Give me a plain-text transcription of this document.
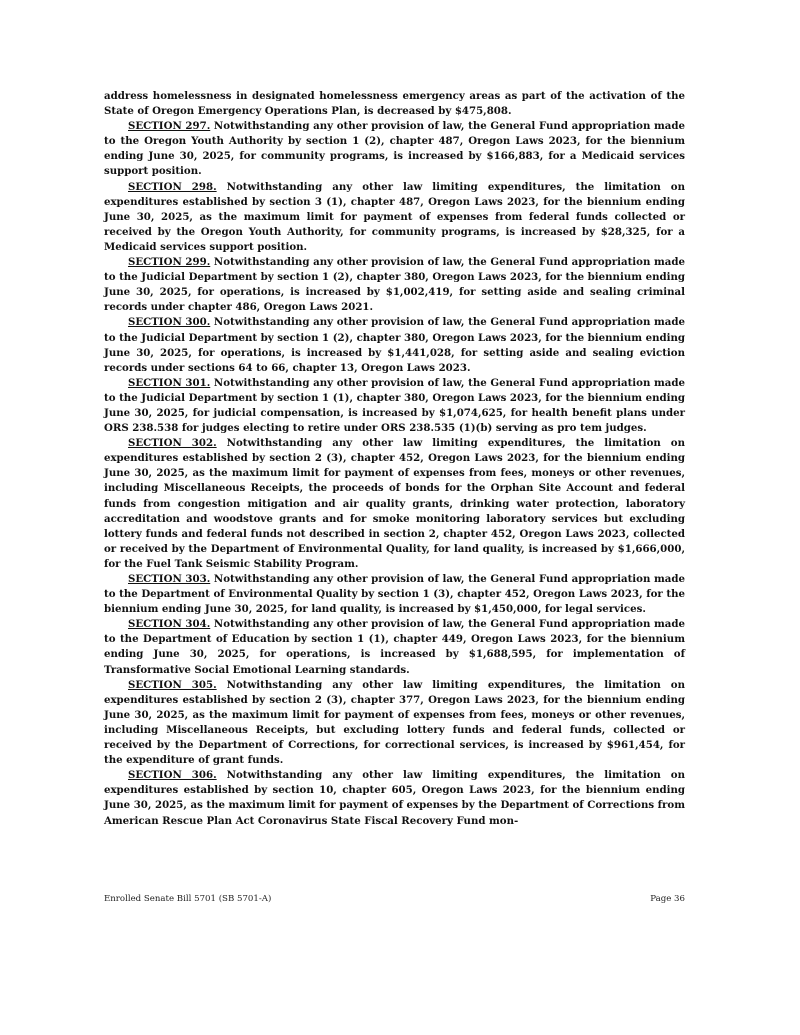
address homelessness in designated homelessness emergency areas as part of the activation of the State of Oregon Emergency Operations Plan, is decreased by $475,808.

SECTION 297. Notwithstanding any other provision of law, the General Fund appropriation made to the Oregon Youth Authority by section 1 (2), chapter 487, Oregon Laws 2023, for the biennium ending June 30, 2025, for community programs, is increased by $166,883, for a Medicaid services support position.

SECTION 298. Notwithstanding any other law limiting expenditures, the limitation on expenditures established by section 3 (1), chapter 487, Oregon Laws 2023, for the biennium ending June 30, 2025, as the maximum limit for payment of expenses from federal funds collected or received by the Oregon Youth Authority, for community programs, is increased by $28,325, for a Medicaid services support position.

SECTION 299. Notwithstanding any other provision of law, the General Fund appropriation made to the Judicial Department by section 1 (2), chapter 380, Oregon Laws 2023, for the biennium ending June 30, 2025, for operations, is increased by $1,002,419, for setting aside and sealing criminal records under chapter 486, Oregon Laws 2021.

SECTION 300. Notwithstanding any other provision of law, the General Fund appropriation made to the Judicial Department by section 1 (2), chapter 380, Oregon Laws 2023, for the biennium ending June 30, 2025, for operations, is increased by $1,441,028, for setting aside and sealing eviction records under sections 64 to 66, chapter 13, Oregon Laws 2023.

SECTION 301. Notwithstanding any other provision of law, the General Fund appropriation made to the Judicial Department by section 1 (1), chapter 380, Oregon Laws 2023, for the biennium ending June 30, 2025, for judicial compensation, is increased by $1,074,625, for health benefit plans under ORS 238.538 for judges electing to retire under ORS 238.535 (1)(b) serving as pro tem judges.

SECTION 302. Notwithstanding any other law limiting expenditures, the limitation on expenditures established by section 2 (3), chapter 452, Oregon Laws 2023, for the biennium ending June 30, 2025, as the maximum limit for payment of expenses from fees, moneys or other revenues, including Miscellaneous Receipts, the proceeds of bonds for the Orphan Site Account and federal funds from congestion mitigation and air quality grants, drinking water protection, laboratory accreditation and woodstove grants and for smoke monitoring laboratory services but excluding lottery funds and federal funds not described in section 2, chapter 452, Oregon Laws 2023, collected or received by the Department of Environmental Quality, for land quality, is increased by $1,666,000, for the Fuel Tank Seismic Stability Program.

SECTION 303. Notwithstanding any other provision of law, the General Fund appropriation made to the Department of Environmental Quality by section 1 (3), chapter 452, Oregon Laws 2023, for the biennium ending June 30, 2025, for land quality, is increased by $1,450,000, for legal services.

SECTION 304. Notwithstanding any other provision of law, the General Fund appropriation made to the Department of Education by section 1 (1), chapter 449, Oregon Laws 2023, for the biennium ending June 30, 2025, for operations, is increased by $1,688,595, for implementation of Transformative Social Emotional Learning standards.

SECTION 305. Notwithstanding any other law limiting expenditures, the limitation on expenditures established by section 2 (3), chapter 377, Oregon Laws 2023, for the biennium ending June 30, 2025, as the maximum limit for payment of expenses from fees, moneys or other revenues, including Miscellaneous Receipts, but excluding lottery funds and federal funds, collected or received by the Department of Corrections, for correctional services, is increased by $961,454, for the expenditure of grant funds.

SECTION 306. Notwithstanding any other law limiting expenditures, the limitation on expenditures established by section 10, chapter 605, Oregon Laws 2023, for the biennium ending June 30, 2025, as the maximum limit for payment of expenses by the Department of Corrections from American Rescue Plan Act Coronavirus State Fiscal Recovery Fund mon-

Enrolled Senate Bill 5701 (SB 5701-A)	Page 36
